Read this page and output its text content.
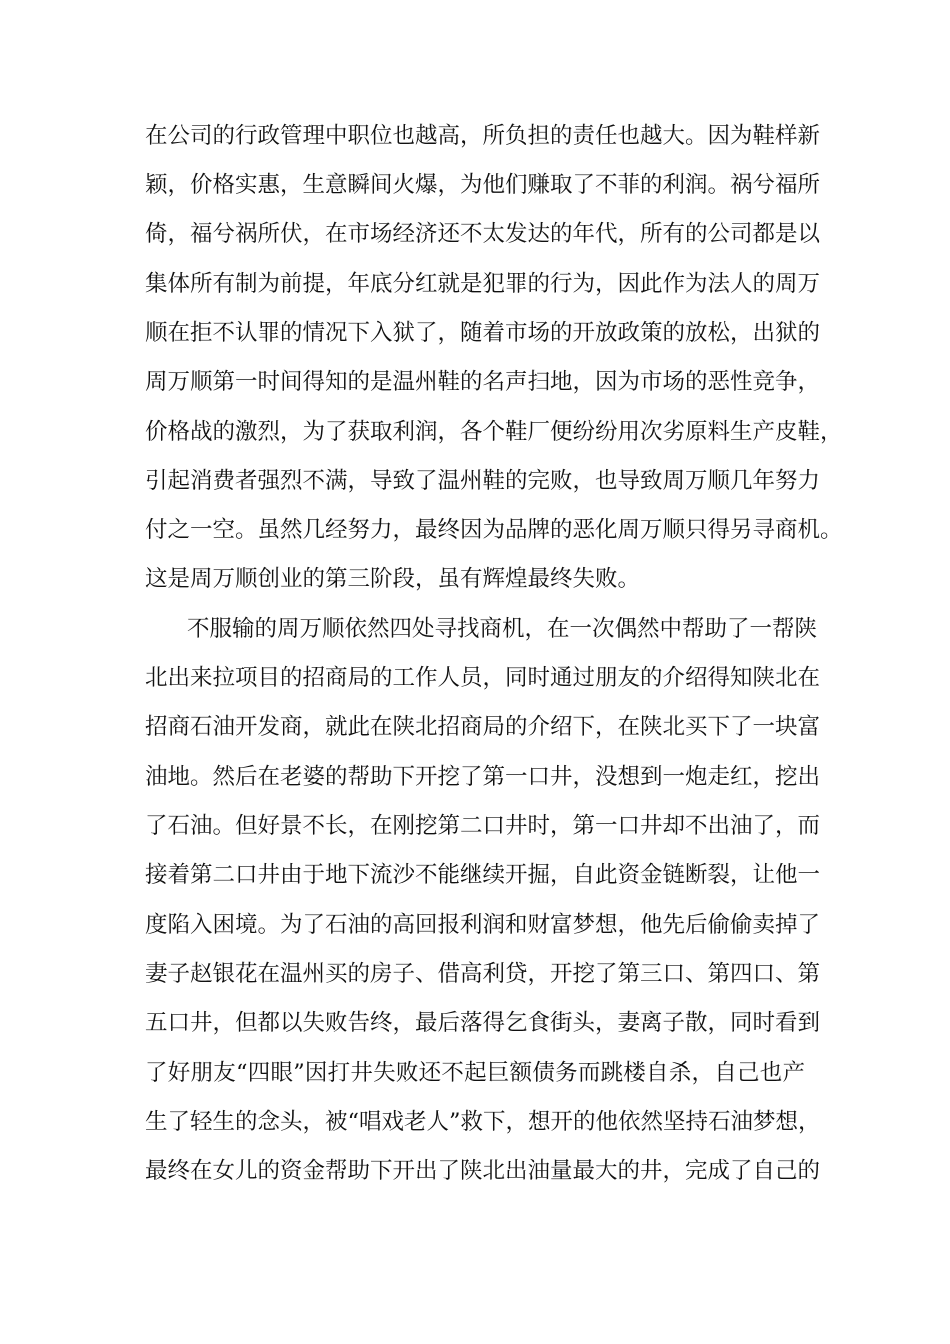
在公司的行政管理中职位也越高，所负担的责任也越大。因为鞋样新
颖，价格实惠，生意瞬间火爆，为他们赚取了不菲的利润。祸兮福所
倚，福兮祸所伏，在市场经济还不太发达的年代，所有的公司都是以
集体所有制为前提，年底分红就是犯罪的行为，因此作为法人的周万
顺在拒不认罪的情况下入狱了，随着市场的开放政策的放松，出狱的
周万顺第一时间得知的是温州鞋的名声扫地，因为市场的恶性竞争，
价格战的激烈，为了获取利润，各个鞋厂便纷纷用次劣原料生产皮鞋，
引起消费者强烈不满，导致了温州鞋的完败，也导致周万顺几年努力
付之一空。虽然几经努力，最终因为品牌的恶化周万顺只得另寻商机。
这是周万顺创业的第三阶段，虽有辉煌最终失败。
不服输的周万顺依然四处寻找商机，在一次偶然中帮助了一帮陕
北出来拉项目的招商局的工作人员，同时通过朋友的介绍得知陕北在
招商石油开发商，就此在陕北招商局的介绍下，在陕北买下了一块富
油地。然后在老婆的帮助下开挖了第一口井，没想到一炮走红，挖出
了石油。但好景不长，在刚挖第二口井时，第一口井却不出油了，而
接着第二口井由于地下流沙不能继续开掘，自此资金链断裂，让他一
度陷入困境。为了石油的高回报利润和财富梦想，他先后偷偷卖掉了
妻子赵银花在温州买的房子、借高利贷，开挖了第三口、第四口、第
五口井，但都以失败告终，最后落得乞食街头，妻离子散，同时看到
了好朋友“四眼”因打井失败还不起巨额债务而跳楼自杀，自己也产
生了轻生的念头，被“唱戏老人”救下，想开的他依然坚持石油梦想，
最终在女儿的资金帮助下开出了陕北出油量最大的井，完成了自己的
